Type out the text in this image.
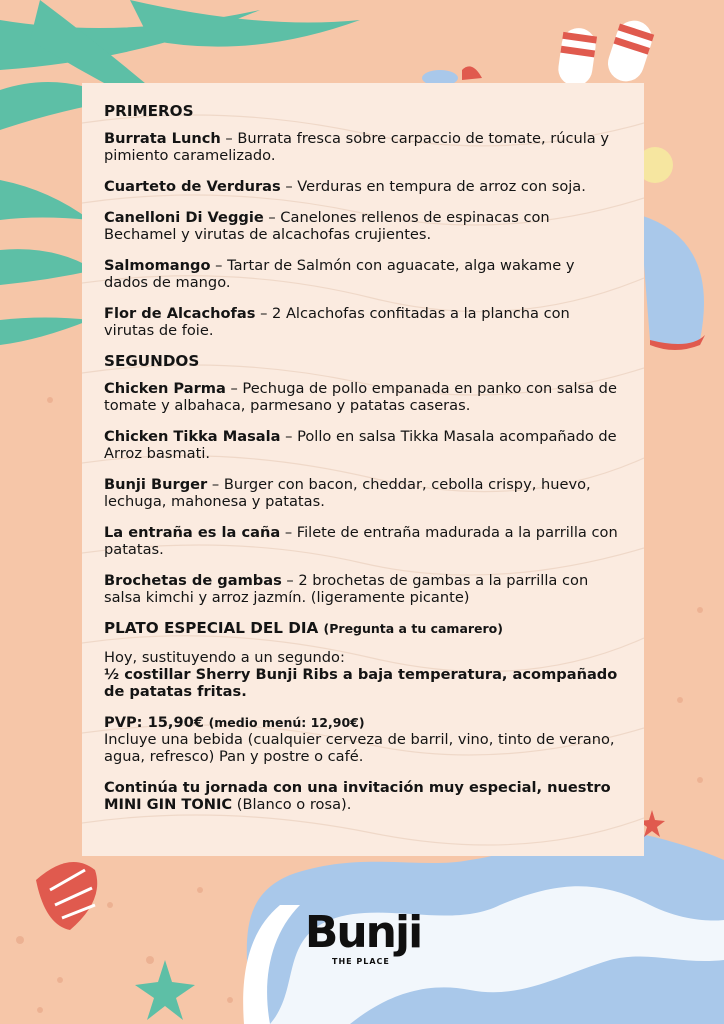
PRIMEROS
Burrata Lunch – Burrata fresca sobre carpaccio de tomate, rúcula y pimiento caramelizado.
Cuarteto de Verduras – Verduras en tempura de arroz con soja.
Canelloni Di Veggie – Canelones rellenos de espinacas con Bechamel y virutas de alcachofas crujientes.
Salmomango – Tartar de Salmón con aguacate, alga wakame y dados de mango.
Flor de Alcachofas – 2 Alcachofas confitadas a la plancha con virutas de foie.
SEGUNDOS
Chicken Parma – Pechuga de pollo empanada en panko con salsa de tomate y albahaca, parmesano y patatas caseras.
Chicken Tikka Masala – Pollo en salsa Tikka Masala acompañado de Arroz basmati.
Bunji Burger – Burger con bacon, cheddar, cebolla crispy, huevo, lechuga, mahonesa y patatas.
La entraña es la caña – Filete de entraña madurada a la parrilla con patatas.
Brochetas de gambas – 2 brochetas de gambas a la parrilla con salsa kimchi y arroz jazmín. (ligeramente picante)
PLATO ESPECIAL DEL DIA (Pregunta a tu camarero)
Hoy, sustituyendo a un segundo:
½ costillar Sherry Bunji Ribs a baja temperatura, acompañado de patatas fritas.
PVP: 15,90€ (medio menú: 12,90€)
Incluye una bebida (cualquier cerveza de barril, vino, tinto de verano, agua, refresco) Pan y postre o café.
Continúa tu jornada con una invitación muy especial, nuestro MINI GIN TONIC (Blanco o rosa).
Bunji
THE PLACE
